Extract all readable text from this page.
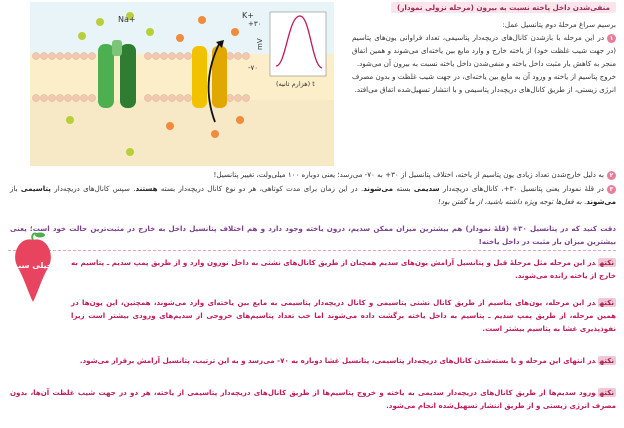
Na+	K+
+۳۰
-۷۰
mV
(هزارم ثانیه) t
منفی‌شدن داخل یاخته نسبت به بیرون (مرحله نزولی نمودار)
برسیم سراغ مرحلهٔ دوم پتانسیل عمل:
۱در این مرحله با بازشدن کانال‌های دریچه‌دار پتاسیمی، تعداد فراوانی یون‌های پتاسیم (در جهت شیب غلظت خود) از یاخته خارج و وارد مایع بین یاخته‌ای می‌شوند و همین اتفاق منجر به کاهش بار مثبت داخل یاخته و منفی‌شدن داخل یاخته نسبت به بیرون آن می‌شود.
خروج پتاسیم از یاخته و ورود آن به مایع بین یاخته‌ای، در جهت شیب غلظت و بدون مصرف انرژی زیستی، از طریق کانال‌های دریچه‌دار پتاسیمی و با انتشار تسهیل‌شده اتفاق می‌افتد.
۲به دلیل خارج‌شدن تعداد زیادی یون پتاسیم از یاخته، اختلاف پتانسیل از ۳۰+ به ۷۰- می‌رسد؛ یعنی دوباره ۱۰۰ میلی‌ولت، تغییر پتانسیل!
۳در قلهٔ نمودار یعنی پتانسیل ۳۰+، کانال‌های دریچه‌دار سدیمی بسته می‌شوند. در این زمان برای مدت کوتاهی، هر دو نوع کانال دریچه‌دار بسته هستند. سپس کانال‌های دریچه‌دار پتاسیمی باز می‌شوند. به فعل‌ها توجه ویژه داشته باشید، از ما گفتن بود!
دقت کنید که در پتانسیل ۳۰+ (قلهٔ نمودار) هم بیشترین میزان ممکن سدیم، درون یاخته وجود دارد و هم اختلاف پتانسیل داخل به خارج در مثبت‌ترین حالت خود است؛ یعنی بیشترین میزان بار مثبت در داخل یاخته!
نکتهدر این مرحله مثل مرحلهٔ قبل و پتانسیل آرامش یون‌های سدیم همچنان از طریق کانال‌های نشتی به داخل نورون وارد و از طریق پمپ سدیم ـ پتاسیم به خارج از یاخته رانده می‌شوند.
نکتهدر این مرحله، یون‌های پتاسیم از طریق کانال نشتی پتاسیمی و کانال دریچه‌دار پتاسیمی به مایع بین یاخته‌ای وارد می‌شوند، همچنین، این یون‌ها در همین مرحله، از طریق پمپ سدیم ـ پتاسیم به داخل یاخته برگشت داده می‌شوند اما خب تعداد پتاسیم‌های خروجی از سدیم‌های ورودی بیشتر است زیرا نفوذپذیری غشا به پتاسیم بیشتر است.
نکتهدر انتهای این مرحله و با بسته‌شدن کانال‌های دریچه‌دار پتاسیمی، پتانسیل غشا دوباره به ۷۰- می‌رسد و به این ترتیب، پتانسیل آرامش برقرار می‌شود.
نکتهورود سدیم‌ها از طریق کانال‌های دریچه‌دار سدیمی به یاخته و خروج پتاسیم‌ها از طریق کانال‌های دریچه‌دار پتاسیمی از یاخته، هر دو در جهت شیب غلظت آن‌ها، بدون مصرف انرژی زیستی و از طریق انتشار تسهیل‌شده انجام می‌شود.
خیلی سبز
